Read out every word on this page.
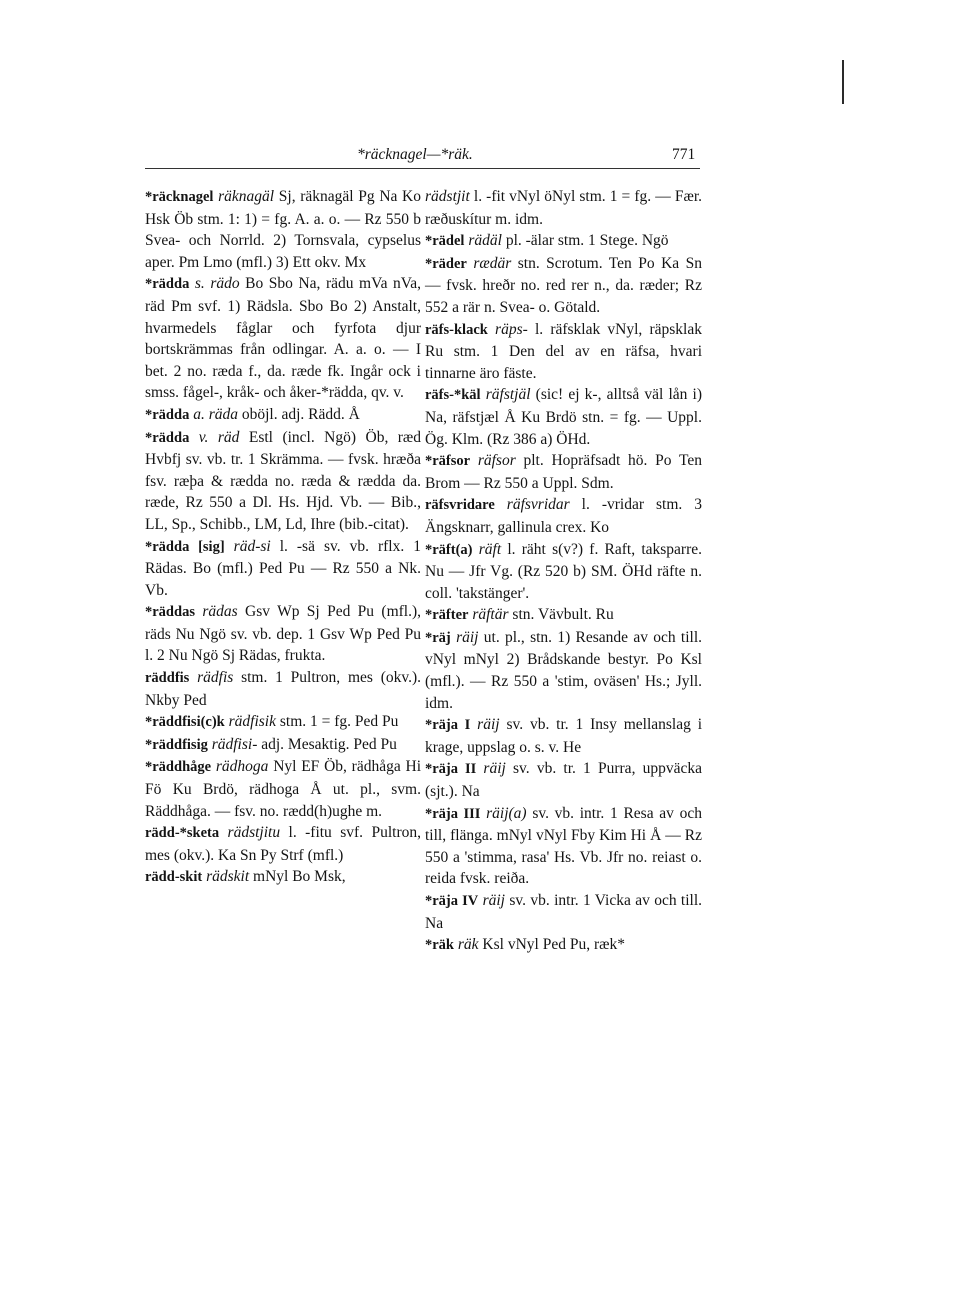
*räcknagel—*räk.	771

*räcknagel räknagäl Sj, räknagäl Pg Na Ko Hsk Öb stm. 1: 1) = fg. A. a. o. — Rz 550 b Svea- och Norrld. 2) Tornsvala, cypselus aper. Pm Lmo (mfl.) 3) Ett okv. Mx

*rädda s. rädo Bo Sbo Na, rädu mVa nVa, räd Pm svf. 1) Rädsla. Sbo Bo 2) Anstalt, hvarmedels fåglar och fyrfota djur bortskrämmas från odlingar. A. a. o. — I bet. 2 no. ræda f., da. ræde fk. Ingår ock i smss. fågel-, kråk- och åker-*rädda, qv. v.

*rädda a. räda oböjl. adj. Rädd. Å

*rädda v. räd Estl (incl. Ngö) Öb, ræd Hvbfj sv. vb. tr. 1 Skrämma. — fvsk. hræða fsv. ræþa & rædda no. ræda & rædda da. ræde, Rz 550 a Dl. Hs. Hjd. Vb. — Bib., LL, Sp., Schibb., LM, Ld, Ihre (bib.-citat).

*rädda [sig] räd-si l. -sä sv. vb. rflx. 1 Rädas. Bo (mfl.) Ped Pu — Rz 550 a Nk. Vb.

*räddas rädas Gsv Wp Sj Ped Pu (mfl.), räds Nu Ngö sv. vb. dep. 1 Gsv Wp Ped Pu l. 2 Nu Ngö Sj Rädas, frukta.

räddfis rädfis stm. 1 Pultron, mes (okv.). Nkby Ped

*räddfisi(c)k rädfisik stm. 1 = fg. Ped Pu

*räddfisig rädfisi- adj. Mesaktig. Ped Pu

*räddhåge rädhoga Nyl EF Öb, rädhåga Hi Fö Ku Brdö, rädhoga Å ut. pl., svm. Räddhåga. — fsv. no. rædd(h)ughe m.

rädd-*sketa rädstjitu l. -fitu svf. Pultron, mes (okv.). Ka Sn Py Strf (mfl.)

rädd-skit rädskit mNyl Bo Msk,

rädstjit l. -fit vNyl öNyl stm. 1 = fg. — Fær. ræðuskítur m. idm.

*rädel rädäl pl. -älar stm. 1 Stege. Ngö

*räder rædär stn. Scrotum. Ten Po Ka Sn — fvsk. hreðr no. red rer n., da. ræder; Rz 552 a rär n. Svea- o. Götald.

räfs-klack räps- l. räfsklak vNyl, räpsklak Ru stm. 1 Den del av en räfsa, hvari tinnarne äro fäste.

räfs-*käl räfstjäl (sic! ej k-, alltså väl lån i) Na, räfstjæl Å Ku Brdö stn. = fg. — Uppl. Ög. Klm. (Rz 386 a) ÖHd.

*räfsor räfsor plt. Hopräfsadt hö. Po Ten Brom — Rz 550 a Uppl. Sdm.

räfsvridare räfsvridar l. -vridar stm. 3 Ängsknarr, gallinula crex. Ko

*räft(a) räft l. räht s(v?) f. Raft, taksparre. Nu — Jfr Vg. (Rz 520 b) SM. ÖHd räfte n. coll. 'takstänger'.

*räfter räftär stn. Vävbult. Ru

*räj räij ut. pl., stn. 1) Resande av och till. vNyl mNyl 2) Brådskande bestyr. Po Ksl (mfl.). — Rz 550 a 'stim, oväsen' Hs.; Jyll. idm.

*räja I räij sv. vb. tr. 1 Insy mellanslag i krage, uppslag o. s. v. He

*räja II räij sv. vb. tr. 1 Purra, uppväcka (sjt.). Na

*räja III räij(a) sv. vb. intr. 1 Resa av och till, flänga. mNyl vNyl Fby Kim Hi Å — Rz 550 a 'stimma, rasa' Hs. Vb. Jfr no. reiast o. reida fvsk. reiða.

*räja IV räij sv. vb. intr. 1 Vicka av och till. Na

*räk räk Ksl vNyl Ped Pu, ræk*
